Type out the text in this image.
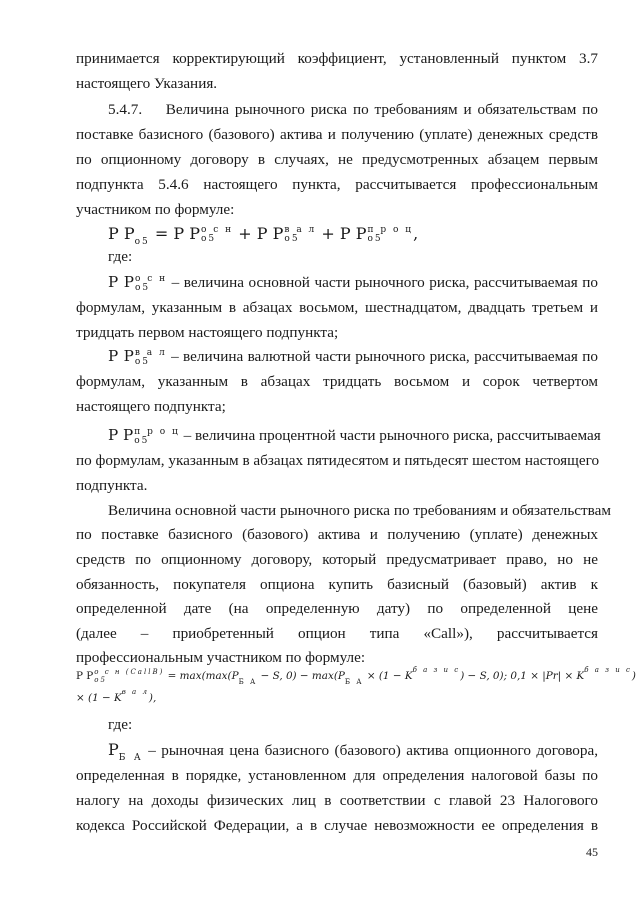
принимается корректирующий коэффициент, установленный пунктом 3.7
настоящего Указания.
5.4.7.    Величина рыночного риска по требованиям и обязательствам по
поставке базисного (базового) актива и получению (уплате) денежных средств
по опционному договору в случаях, не предусмотренных абзацем первым
подпункта 5.4.6 настоящего пункта, рассчитывается профессиональным
участником по формуле:
Р $Р_{о5} = Р$ Р о с н
о5	+ Р Р в а л
о5	+ Р Р п р о ц
о5	,
где:
Р Р о с н
о5	– величина основной части рыночного риска, рассчитываемая по
формулам, указанным в абзацах восьмом, шестнадцатом, двадцать третьем и
тридцать первом настоящего подпункта;
Р Р в а л
о5	– величина валютной части рыночного риска, рассчитываемая по
формулам, указанным в абзацах тридцать восьмом и сорок четвертом
настоящего подпункта;
Р Р п р о ц
о5	– величина процентной части рыночного риска, рассчитываемая
по формулам, указанным в абзацах пятидесятом и пятьдесят шестом настоящего
подпункта.
Величина основной части рыночного риска по требованиям и обязательствам
по поставке базисного (базового) актива и получению (уплате) денежных
средств по опционному договору, который предусматривает право, но не
обязанность, покупателя опциона купить базисный (базовый) актив к
определенной дате (на определенную дату) по определенной цене
(далее – приобретенный опцион типа «Call»), рассчитывается
профессиональным участником по формуле:
Р Р о с н (CallB)
о5	= $\max(\max(Р_{Б А} - S$, $0) - \max(Р_{Б А} \times (1 - K^{б а з и с}) - S$, 0); $0,1 \times |Pr| \times K^{б а з и с}$)
× $(1 - K^{в а л})$,
где:
$Р_{Б А}$ – рыночная цена базисного (базового) актива опционного договора,
определенная в порядке, установленном для определения налоговой базы по
налогу на доходы физических лиц в соответствии с главой 23 Налогового
кодекса Российской Федерации, а в случае невозможности ее определения в
45
